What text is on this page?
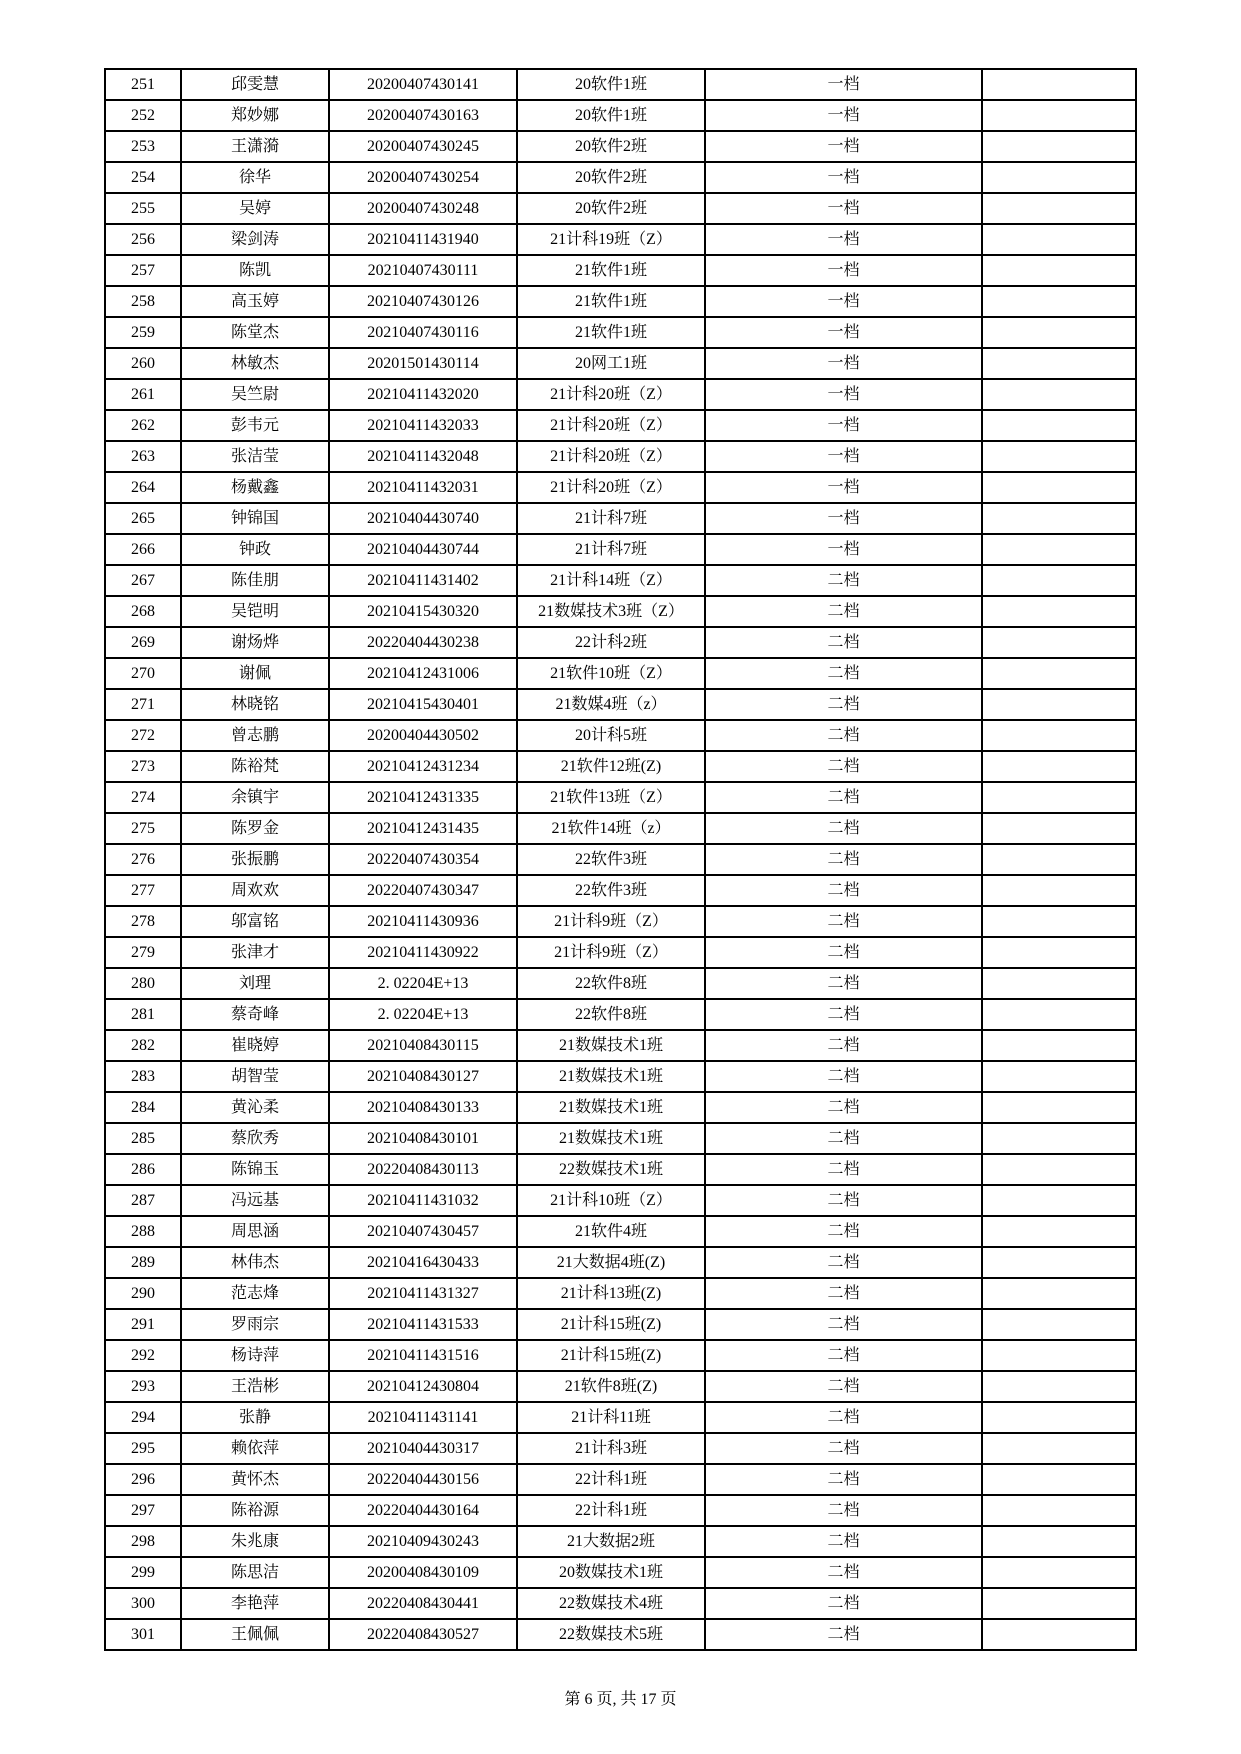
251	邱雯慧	20200407430141	20软件1班	一档	
252	郑妙娜	20200407430163	20软件1班	一档	
253	王潇漪	20200407430245	20软件2班	一档	
254	徐华	20200407430254	20软件2班	一档	
255	吴婷	20200407430248	20软件2班	一档	
256	梁剑涛	20210411431940	21计科19班（Z）	一档	
257	陈凯	20210407430111	21软件1班	一档	
258	高玉婷	20210407430126	21软件1班	一档	
259	陈堂杰	20210407430116	21软件1班	一档	
260	林敏杰	20201501430114	20网工1班	一档	
261	吴竺尉	20210411432020	21计科20班（Z）	一档	
262	彭韦元	20210411432033	21计科20班（Z）	一档	
263	张洁莹	20210411432048	21计科20班（Z）	一档	
264	杨戴鑫	20210411432031	21计科20班（Z）	一档	
265	钟锦国	20210404430740	21计科7班	一档	
266	钟政	20210404430744	21计科7班	一档	
267	陈佳朋	20210411431402	21计科14班（Z）	二档	
268	吴铠明	20210415430320	21数媒技术3班（Z）	二档	
269	谢炀烨	20220404430238	22计科2班	二档	
270	谢佩	20210412431006	21软件10班（Z）	二档	
271	林晓铭	20210415430401	21数媒4班（z）	二档	
272	曾志鹏	20200404430502	20计科5班	二档	
273	陈裕梵	20210412431234	21软件12班(Z)	二档	
274	余镇宇	20210412431335	21软件13班（Z）	二档	
275	陈罗金	20210412431435	21软件14班（z）	二档	
276	张振鹏	20220407430354	22软件3班	二档	
277	周欢欢	20220407430347	22软件3班	二档	
278	邬富铭	20210411430936	21计科9班（Z）	二档	
279	张津才	20210411430922	21计科9班（Z）	二档	
280	刘理	2. 02204E+13	22软件8班	二档	
281	蔡奇峰	2. 02204E+13	22软件8班	二档	
282	崔晓婷	20210408430115	21数媒技术1班	二档	
283	胡智莹	20210408430127	21数媒技术1班	二档	
284	黄沁柔	20210408430133	21数媒技术1班	二档	
285	蔡欣秀	20210408430101	21数媒技术1班	二档	
286	陈锦玉	20220408430113	22数媒技术1班	二档	
287	冯远基	20210411431032	21计科10班（Z）	二档	
288	周思涵	20210407430457	21软件4班	二档	
289	林伟杰	20210416430433	21大数据4班(Z)	二档	
290	范志烽	20210411431327	21计科13班(Z)	二档	
291	罗雨宗	20210411431533	21计科15班(Z)	二档	
292	杨诗萍	20210411431516	21计科15班(Z)	二档	
293	王浩彬	20210412430804	21软件8班(Z)	二档	
294	张静	20210411431141	21计科11班	二档	
295	赖依萍	20210404430317	21计科3班	二档	
296	黄怀杰	20220404430156	22计科1班	二档	
297	陈裕源	20220404430164	22计科1班	二档	
298	朱兆康	20210409430243	21大数据2班	二档	
299	陈思洁	20200408430109	20数媒技术1班	二档	
300	李艳萍	20220408430441	22数媒技术4班	二档	
301	王佩佩	20220408430527	22数媒技术5班	二档	
第 6 页, 共 17 页
